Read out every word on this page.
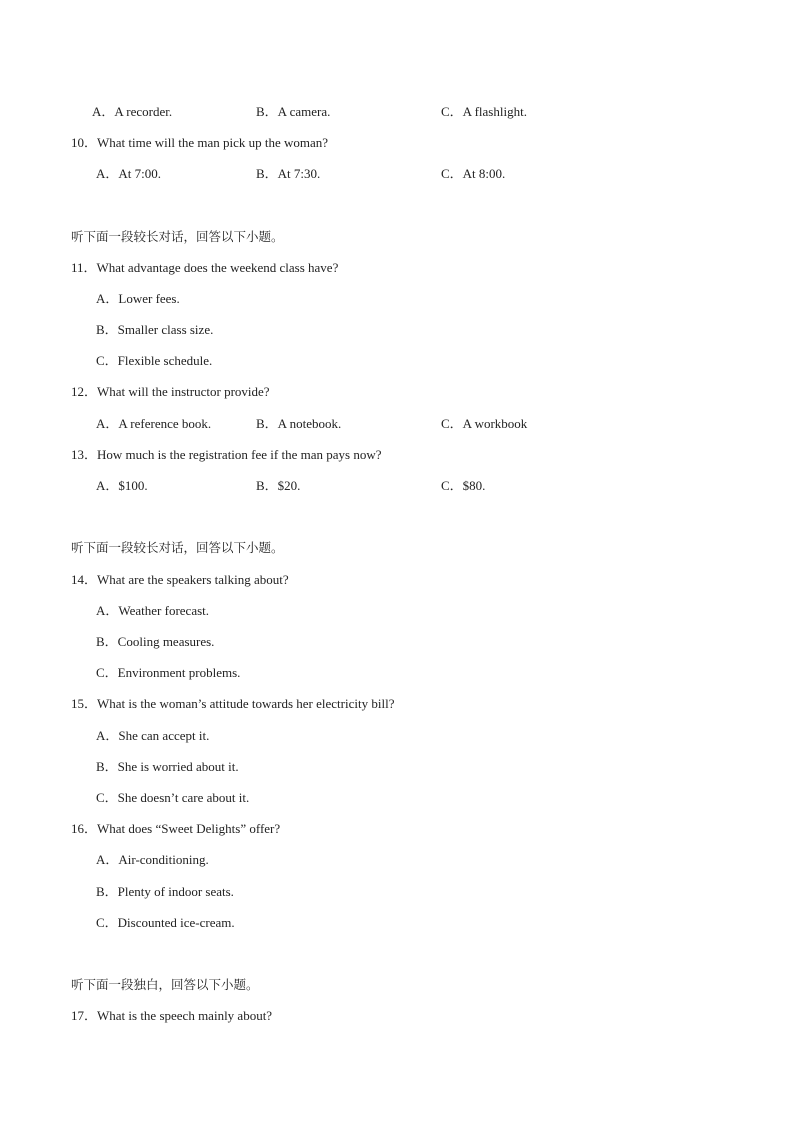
A．A recorder.	B．A camera.	C．A flashlight.
10．What time will the man pick up the woman?
A．At 7:00.	B．At 7:30.	C．At 8:00.
听下面一段较长对话，回答以下小题。
11．What advantage does the weekend class have?
A．Lower fees.
B．Smaller class size.
C．Flexible schedule.
12．What will the instructor provide?
A．A reference book.	B．A notebook.	C．A workbook
13．How much is the registration fee if the man pays now?
A．$100.	B．$20.	C．$80.
听下面一段较长对话，回答以下小题。
14．What are the speakers talking about?
A．Weather forecast.
B．Cooling measures.
C．Environment problems.
15．What is the woman’s attitude towards her electricity bill?
A．She can accept it.
B．She is worried about it.
C．She doesn’t care about it.
16．What does “Sweet Delights” offer?
A．Air-conditioning.
B．Plenty of indoor seats.
C．Discounted ice-cream.
听下面一段独白，回答以下小题。
17．What is the speech mainly about?
